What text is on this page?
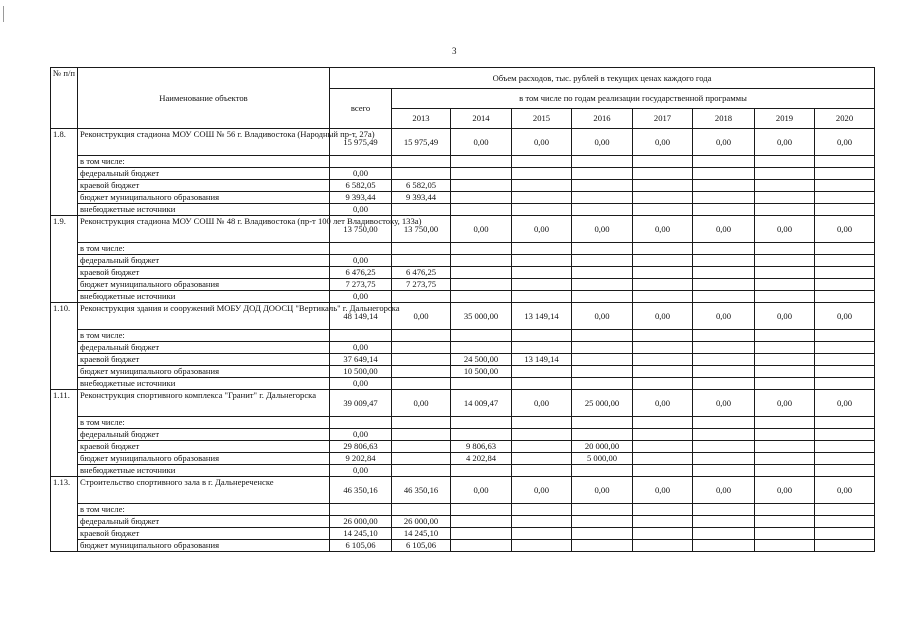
3
№ п/п	Наименование объектов	Объем расходов, тыс. рублей в текущих ценах каждого года								
		всего	в том числе по годам реализации государственной программы							
			2013	2014	2015	2016	2017	2018	2019	2020
1.8.	Реконструкция стадиона МОУ СОШ № 56 г. Владивостока (Народный пр-т, 27а)	15 975,49	15 975,49	0,00	0,00	0,00	0,00	0,00	0,00	0,00
	в том числе:									
	федеральный бюджет	0,00								
	краевой бюджет	6 582,05	6 582,05							
	бюджет муниципального образования	9 393,44	9 393,44							
	внебюджетные источники	0,00								
1.9.	Реконструкция стадиона МОУ СОШ № 48 г. Владивостока (пр-т 100 лет Владивостоку, 133а)	13 750,00	13 750,00	0,00	0,00	0,00	0,00	0,00	0,00	0,00
	в том числе:									
	федеральный бюджет	0,00								
	краевой бюджет	6 476,25	6 476,25							
	бюджет муниципального образования	7 273,75	7 273,75							
	внебюджетные источники	0,00								
1.10.	Реконструкция здания и сооружений МОБУ ДОД ДООСЦ "Вертикаль" г. Дальнегорска	48 149,14	0,00	35 000,00	13 149,14	0,00	0,00	0,00	0,00	0,00
	в том числе:									
	федеральный бюджет	0,00								
	краевой бюджет	37 649,14		24 500,00	13 149,14					
	бюджет муниципального образования	10 500,00		10 500,00						
	внебюджетные источники	0,00								
1.11.	Реконструкция спортивного комплекса "Гранит" г. Дальнегорска	39 009,47	0,00	14 009,47	0,00	25 000,00	0,00	0,00	0,00	0,00
	в том числе:									
	федеральный бюджет	0,00								
	краевой бюджет	29 806,63		9 806,63		20 000,00				
	бюджет муниципального образования	9 202,84		4 202,84		5 000,00				
	внебюджетные источники	0,00								
1.13.	Строительство спортивного зала в г. Дальнереченске	46 350,16	46 350,16	0,00	0,00	0,00	0,00	0,00	0,00	0,00
	в том числе:									
	федеральный бюджет	26 000,00	26 000,00							
	краевой бюджет	14 245,10	14 245,10							
	бюджет муниципального образования	6 105,06	6 105,06							
